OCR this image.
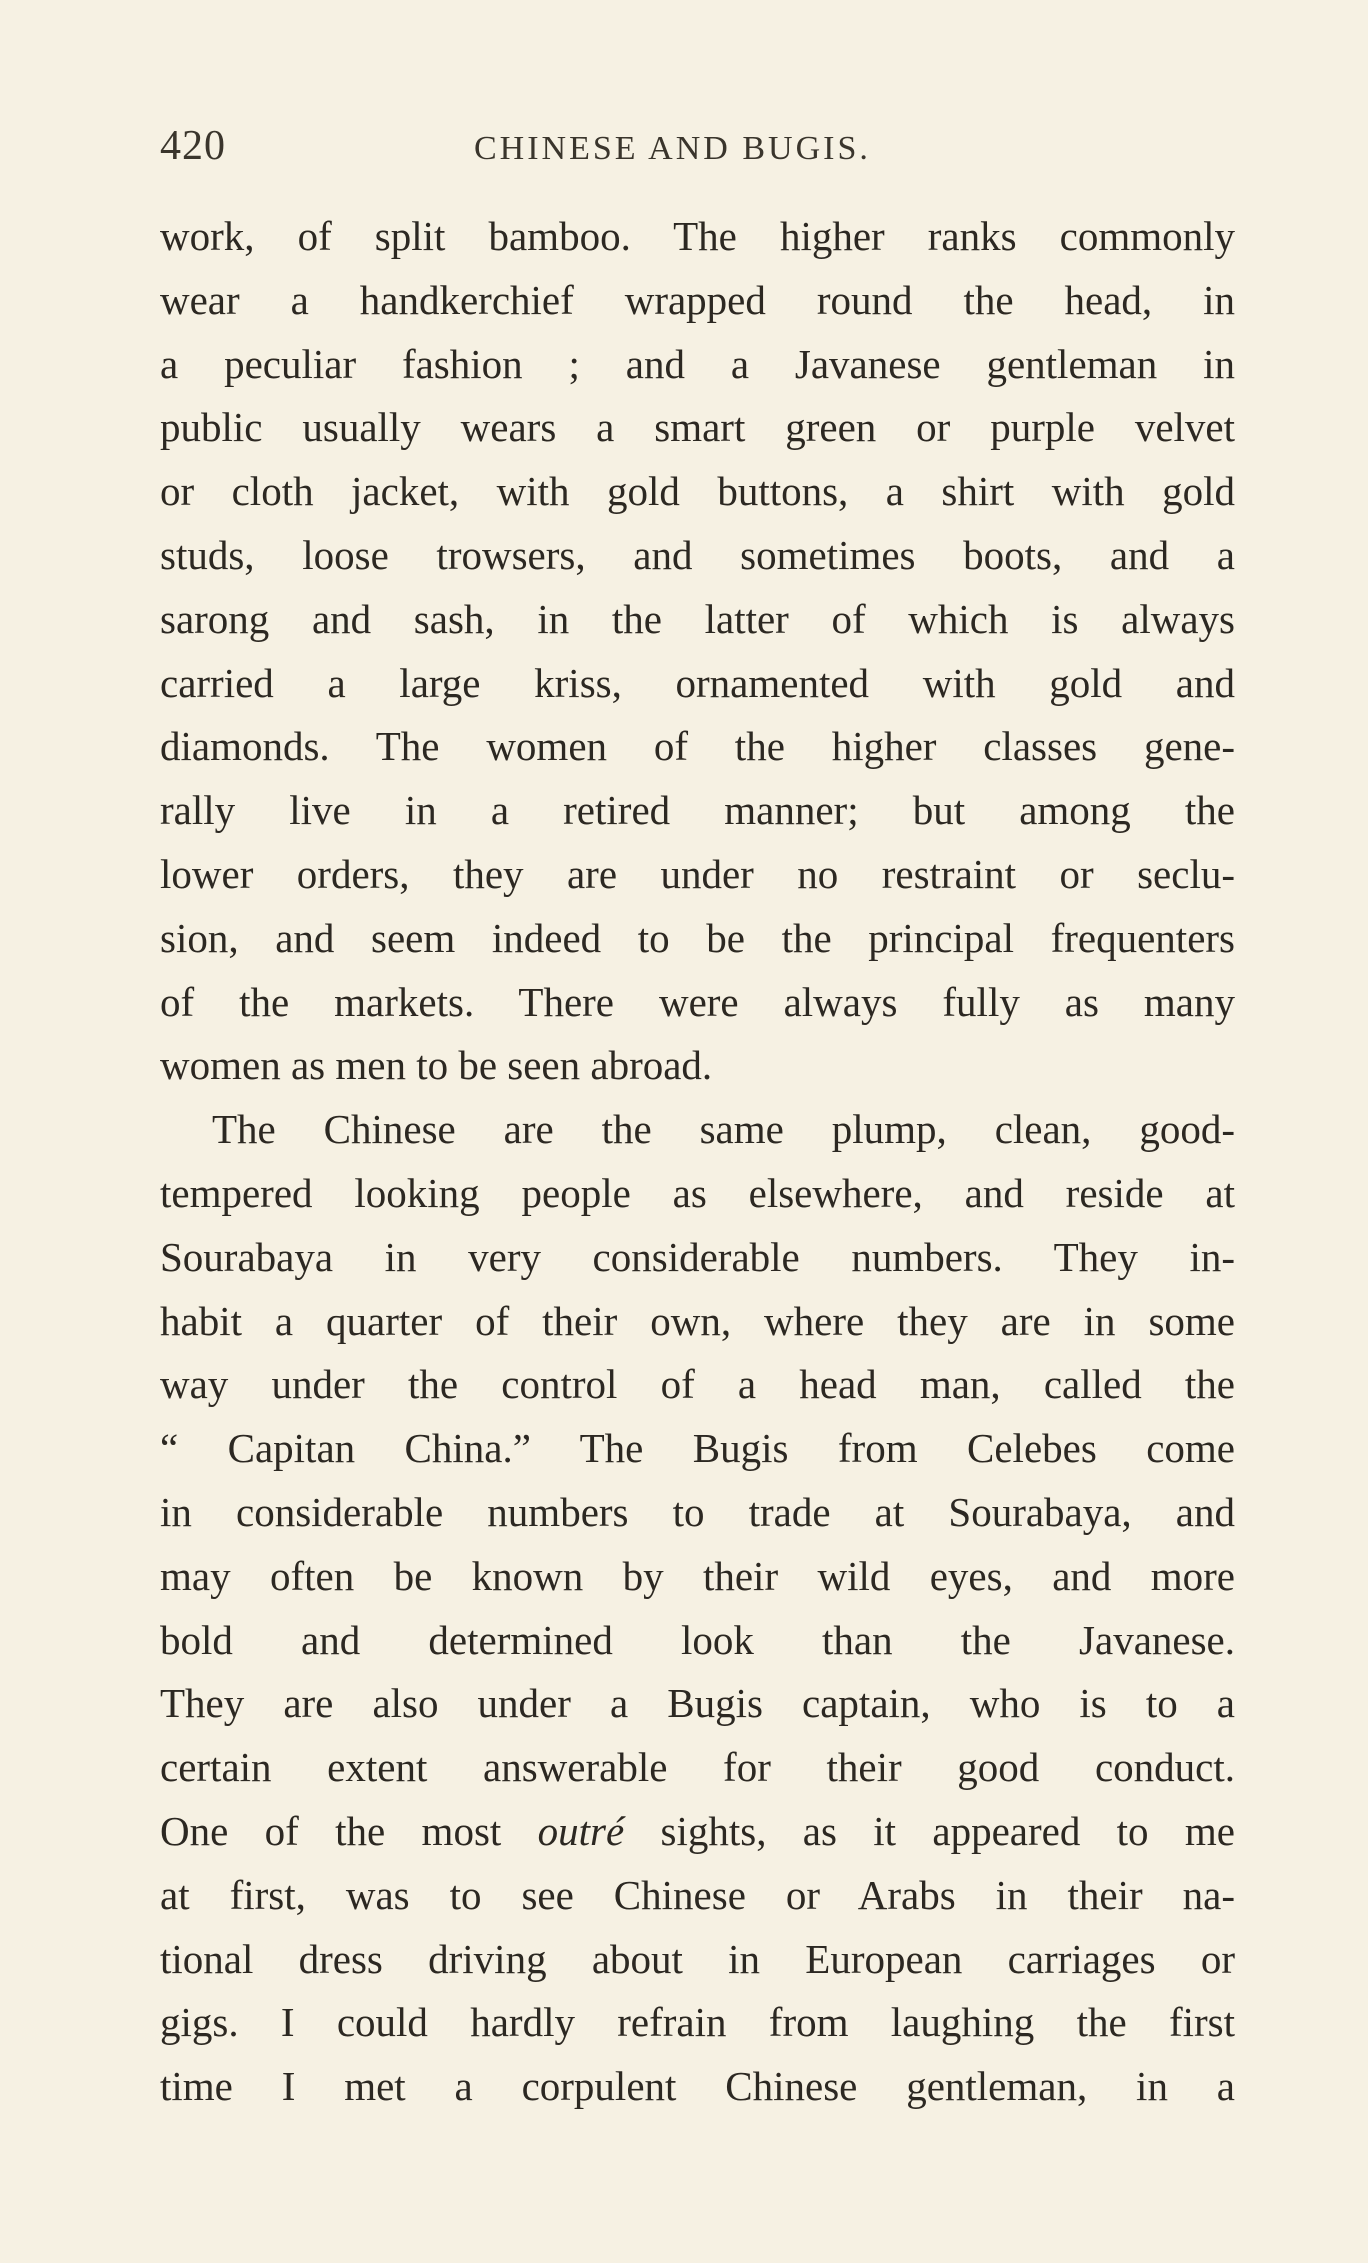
420	CHINESE AND BUGIS.
work, of split bamboo. The higher ranks commonly
wear a handkerchief wrapped round the head, in
a peculiar fashion ; and a Javanese gentleman in
public usually wears a smart green or purple velvet
or cloth jacket, with gold buttons, a shirt with gold
studs, loose trowsers, and sometimes boots, and a
sarong and sash, in the latter of which is always
carried a large kriss, ornamented with gold and
diamonds. The women of the higher classes gene-
rally live in a retired manner; but among the
lower orders, they are under no restraint or seclu-
sion, and seem indeed to be the principal frequenters
of the markets. There were always fully as many
women as men to be seen abroad.
The Chinese are the same plump, clean, good-
tempered looking people as elsewhere, and reside at
Sourabaya in very considerable numbers. They in-
habit a quarter of their own, where they are in some
way under the control of a head man, called the
“ Capitan China.” The Bugis from Celebes come
in considerable numbers to trade at Sourabaya, and
may often be known by their wild eyes, and more
bold and determined look than the Javanese.
They are also under a Bugis captain, who is to a
certain extent answerable for their good conduct.
One of the most outré sights, as it appeared to me
at first, was to see Chinese or Arabs in their na-
tional dress driving about in European carriages or
gigs. I could hardly refrain from laughing the first
time I met a corpulent Chinese gentleman, in a
